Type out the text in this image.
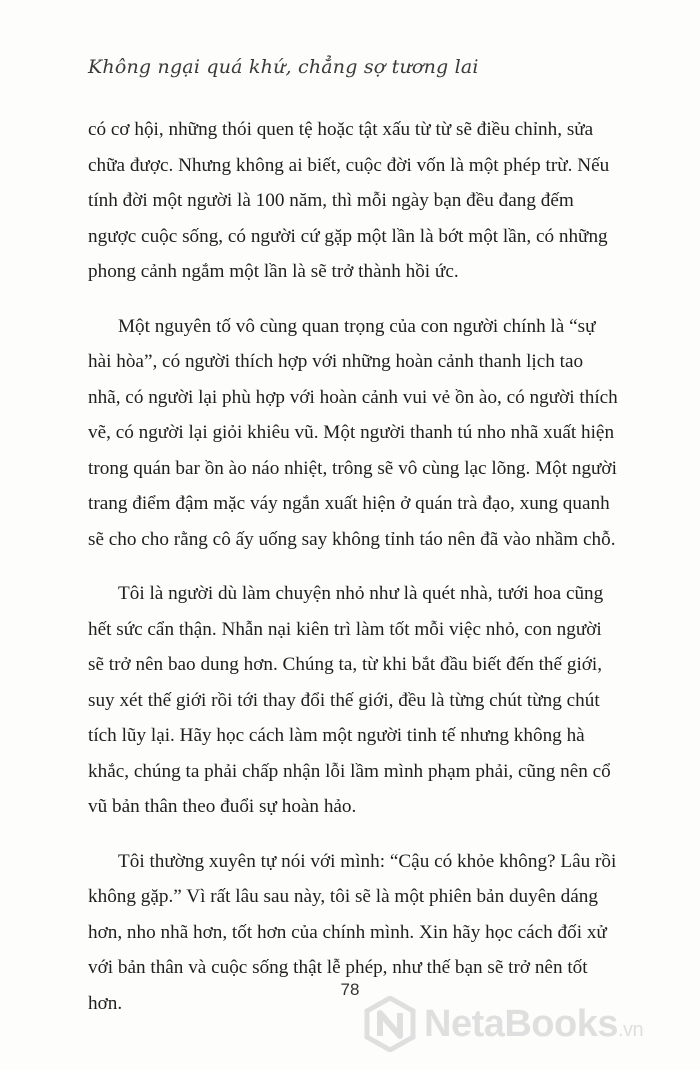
Không ngại quá khứ, chẳng sợ tương lai

có cơ hội, những thói quen tệ hoặc tật xấu từ từ sẽ điều chỉnh, sửa chữa được. Nhưng không ai biết, cuộc đời vốn là một phép trừ. Nếu tính đời một người là 100 năm, thì mỗi ngày bạn đều đang đếm ngược cuộc sống, có người cứ gặp một lần là bớt một lần, có những phong cảnh ngắm một lần là sẽ trở thành hồi ức.

Một nguyên tố vô cùng quan trọng của con người chính là “sự hài hòa”, có người thích hợp với những hoàn cảnh thanh lịch tao nhã, có người lại phù hợp với hoàn cảnh vui vẻ ồn ào, có người thích vẽ, có người lại giỏi khiêu vũ. Một người thanh tú nho nhã xuất hiện trong quán bar ồn ào náo nhiệt, trông sẽ vô cùng lạc lõng. Một người trang điểm đậm mặc váy ngắn xuất hiện ở quán trà đạo, xung quanh sẽ cho cho rằng cô ấy uống say không tỉnh táo nên đã vào nhầm chỗ.

Tôi là người dù làm chuyện nhỏ như là quét nhà, tưới hoa cũng hết sức cẩn thận. Nhẫn nại kiên trì làm tốt mỗi việc nhỏ, con người sẽ trở nên bao dung hơn. Chúng ta, từ khi bắt đầu biết đến thế giới, suy xét thế giới rồi tới thay đổi thế giới, đều là từng chút từng chút tích lũy lại. Hãy học cách làm một người tinh tế nhưng không hà khắc, chúng ta phải chấp nhận lỗi lầm mình phạm phải, cũng nên cổ vũ bản thân theo đuổi sự hoàn hảo.

Tôi thường xuyên tự nói với mình: “Cậu có khỏe không? Lâu rồi không gặp.” Vì rất lâu sau này, tôi sẽ là một phiên bản duyên dáng hơn, nho nhã hơn, tốt hơn của chính mình. Xin hãy học cách đối xử với bản thân và cuộc sống thật lễ phép, như thế bạn sẽ trở nên tốt hơn.

78
NetaBooks.vn
